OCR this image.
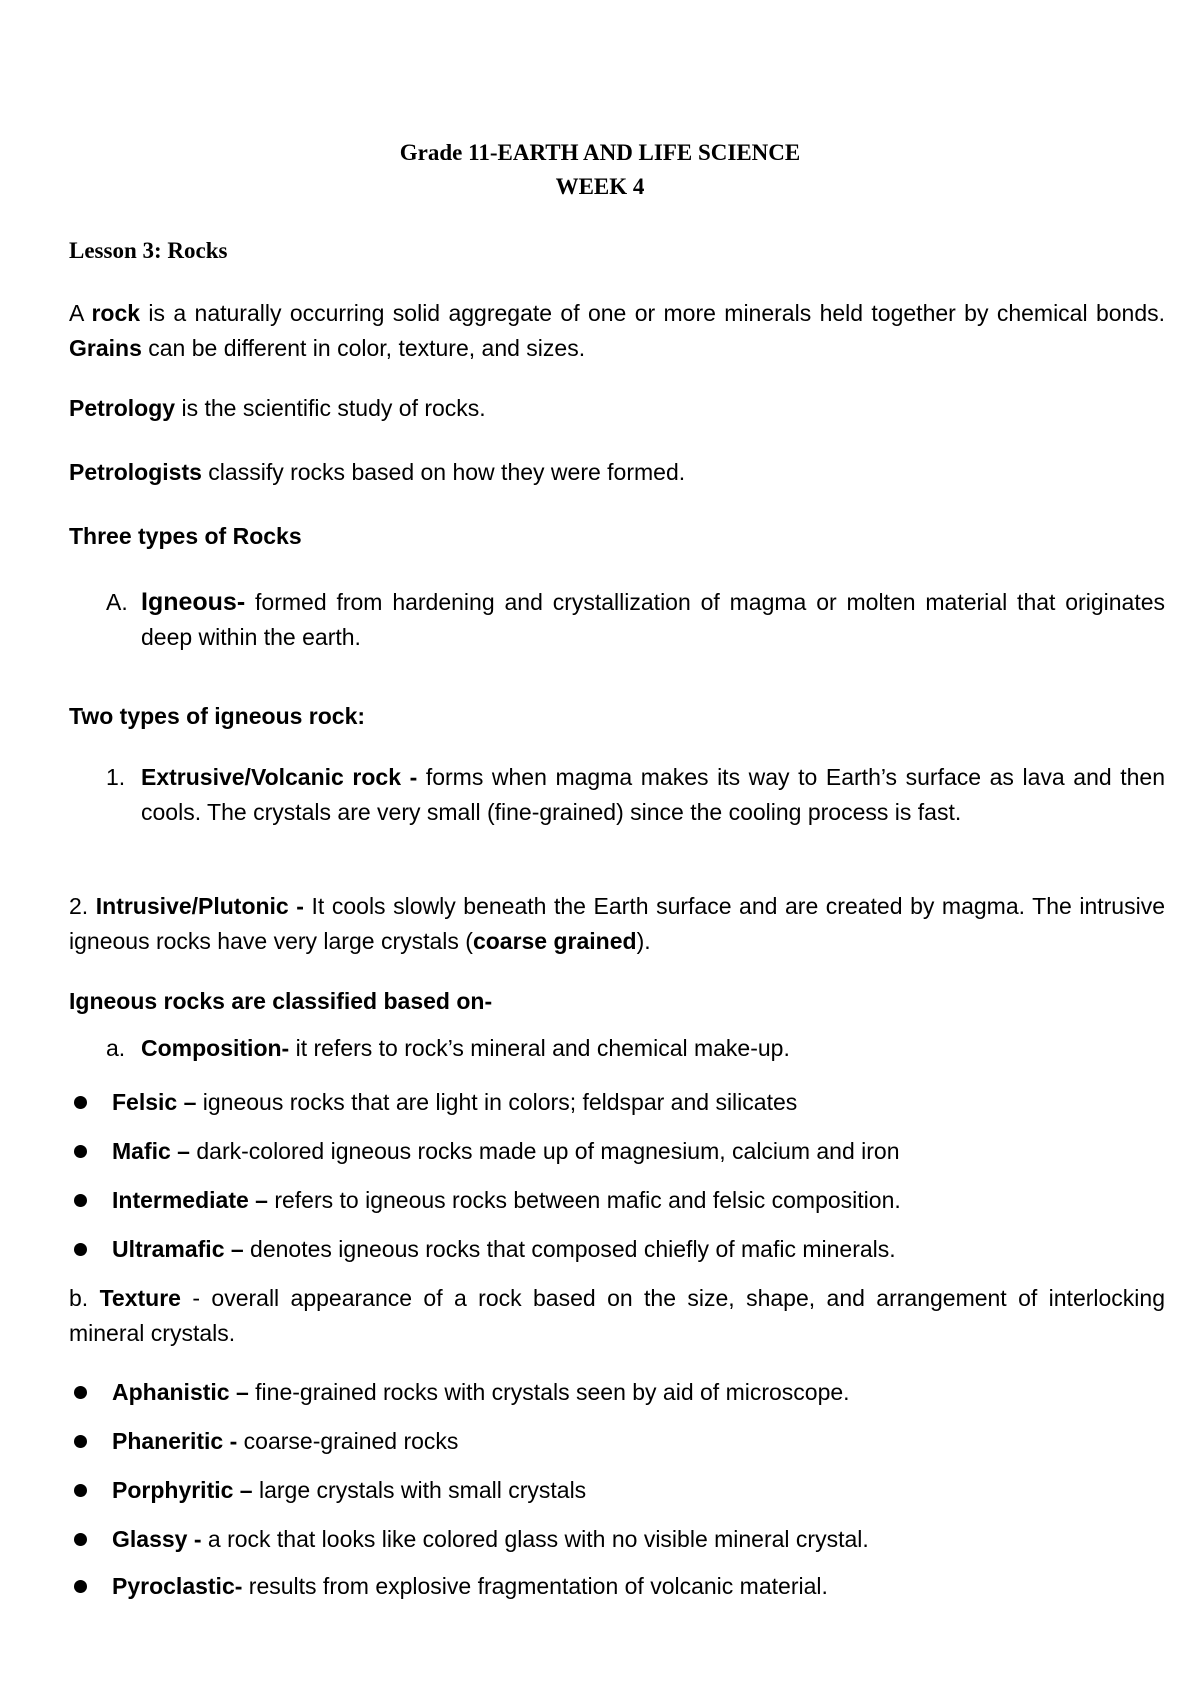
Grade 11-EARTH AND LIFE SCIENCE
WEEK 4
Lesson 3: Rocks
A rock is a naturally occurring solid aggregate of one or more minerals held together by chemical bonds. Grains can be different in color, texture, and sizes.
Petrology is the scientific study of rocks.
Petrologists classify rocks based on how they were formed.
Three types of Rocks
A. Igneous- formed from hardening and crystallization of magma or molten material that originates deep within the earth.
Two types of igneous rock:
1. Extrusive/Volcanic rock - forms when magma makes its way to Earth’s surface as lava and then cools. The crystals are very small (fine-grained) since the cooling process is fast.
2. Intrusive/Plutonic - It cools slowly beneath the Earth surface and are created by magma. The intrusive igneous rocks have very large crystals (coarse grained).
Igneous rocks are classified based on-
a. Composition- it refers to rock’s mineral and chemical make-up.
Felsic – igneous rocks that are light in colors; feldspar and silicates
Mafic – dark-colored igneous rocks made up of magnesium, calcium and iron
Intermediate – refers to igneous rocks between mafic and felsic composition.
Ultramafic – denotes igneous rocks that composed chiefly of mafic minerals.
b. Texture - overall appearance of a rock based on the size, shape, and arrangement of interlocking mineral crystals.
Aphanistic – fine-grained rocks with crystals seen by aid of microscope.
Phaneritic - coarse-grained rocks
Porphyritic – large crystals with small crystals
Glassy - a rock that looks like colored glass with no visible mineral crystal.
Pyroclastic- results from explosive fragmentation of volcanic material.
